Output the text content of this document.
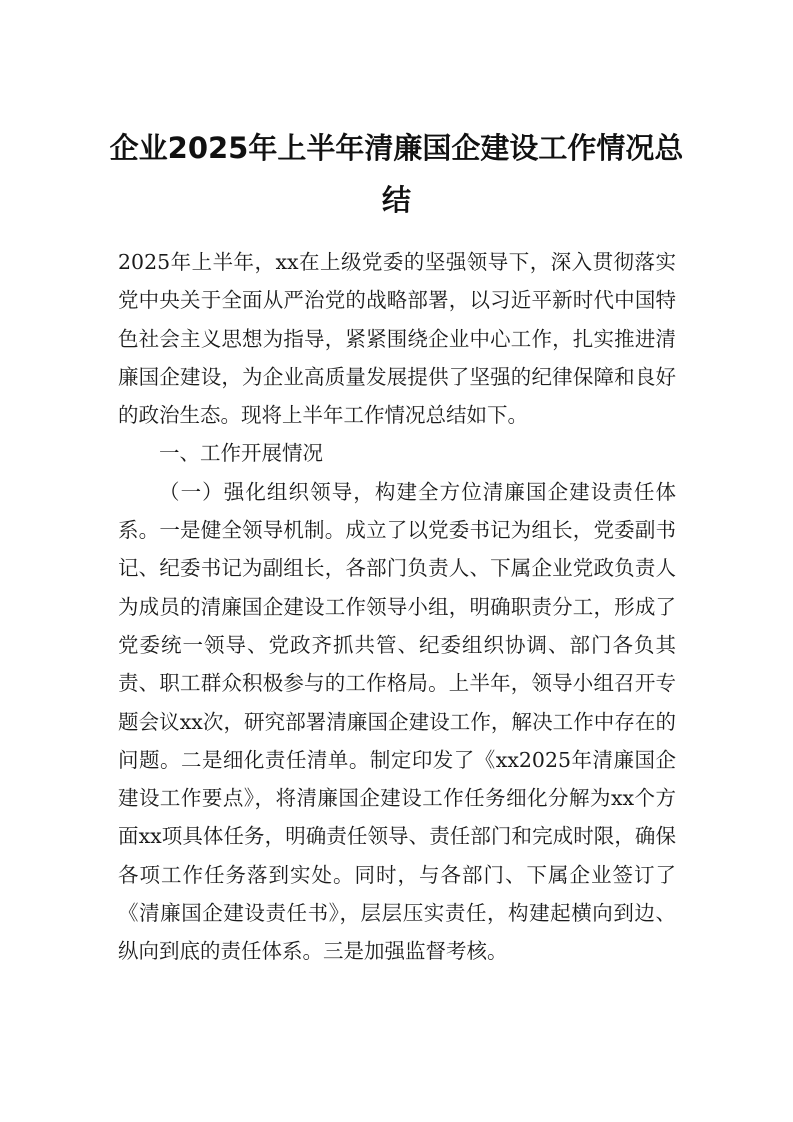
企业2025年上半年清廉国企建设工作情况总结

2025年上半年，xx在上级党委的坚强领导下，深入贯彻落实党中央关于全面从严治党的战略部署，以习近平新时代中国特色社会主义思想为指导，紧紧围绕企业中心工作，扎实推进清廉国企建设，为企业高质量发展提供了坚强的纪律保障和良好的政治生态。现将上半年工作情况总结如下。

一、工作开展情况

（一）强化组织领导，构建全方位清廉国企建设责任体系。一是健全领导机制。成立了以党委书记为组长，党委副书记、纪委书记为副组长，各部门负责人、下属企业党政负责人为成员的清廉国企建设工作领导小组，明确职责分工，形成了党委统一领导、党政齐抓共管、纪委组织协调、部门各负其责、职工群众积极参与的工作格局。上半年，领导小组召开专题会议xx次，研究部署清廉国企建设工作，解决工作中存在的问题。二是细化责任清单。制定印发了《xx2025年清廉国企建设工作要点》，将清廉国企建设工作任务细化分解为xx个方面xx项具体任务，明确责任领导、责任部门和完成时限，确保各项工作任务落到实处。同时，与各部门、下属企业签订了《清廉国企建设责任书》，层层压实责任，构建起横向到边、纵向到底的责任体系。三是加强监督考核。
